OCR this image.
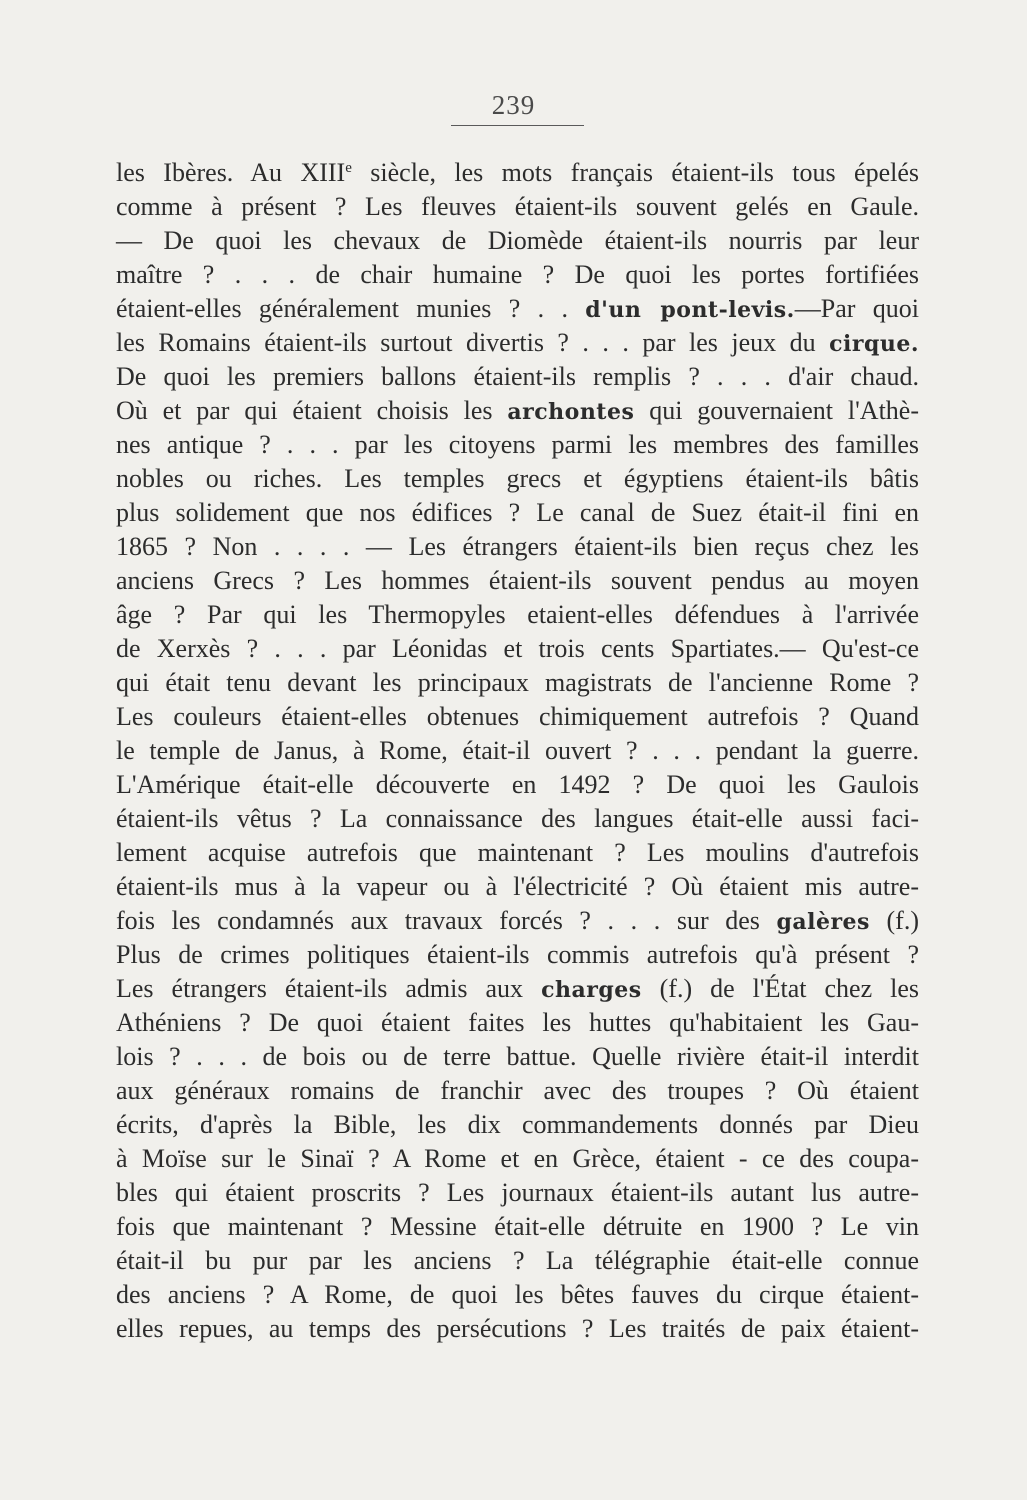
239
les Ibères. Au XIIIe siècle, les mots français étaient-ils tous épelés
comme à présent ? Les fleuves étaient-ils souvent gelés en Gaule.
— De quoi les chevaux de Diomède étaient-ils nourris par leur
maître ? . . . de chair humaine ? De quoi les portes fortifiées
étaient-elles généralement munies ? . . d'un pont-levis.—Par quoi
les Romains étaient-ils surtout divertis ? . . . par les jeux du cirque.
De quoi les premiers ballons étaient-ils remplis ? . . . d'air chaud.
Où et par qui étaient choisis les archontes qui gouvernaient l'Athè-
nes antique ? . . . par les citoyens parmi les membres des familles
nobles ou riches. Les temples grecs et égyptiens étaient-ils bâtis
plus solidement que nos édifices ? Le canal de Suez était-il fini en
1865 ? Non . . . . — Les étrangers étaient-ils bien reçus chez les
anciens Grecs ? Les hommes étaient-ils souvent pendus au moyen
âge ? Par qui les Thermopyles etaient-elles défendues à l'arrivée
de Xerxès ? . . . par Léonidas et trois cents Spartiates.— Qu'est-ce
qui était tenu devant les principaux magistrats de l'ancienne Rome ?
Les couleurs étaient-elles obtenues chimiquement autrefois ? Quand
le temple de Janus, à Rome, était-il ouvert ? . . . pendant la guerre.
L'Amérique était-elle découverte en 1492 ? De quoi les Gaulois
étaient-ils vêtus ? La connaissance des langues était-elle aussi faci-
lement acquise autrefois que maintenant ? Les moulins d'autrefois
étaient-ils mus à la vapeur ou à l'électricité ? Où étaient mis autre-
fois les condamnés aux travaux forcés ? . . . sur des galères (f.)
Plus de crimes politiques étaient-ils commis autrefois qu'à présent ?
Les étrangers étaient-ils admis aux charges (f.) de l'État chez les
Athéniens ? De quoi étaient faites les huttes qu'habitaient les Gau-
lois ? . . . de bois ou de terre battue. Quelle rivière était-il interdit
aux généraux romains de franchir avec des troupes ? Où étaient
écrits, d'après la Bible, les dix commandements donnés par Dieu
à Moïse sur le Sinaï ? A Rome et en Grèce, étaient - ce des coupa-
bles qui étaient proscrits ? Les journaux étaient-ils autant lus autre-
fois que maintenant ? Messine était-elle détruite en 1900 ? Le vin
était-il bu pur par les anciens ? La télégraphie était-elle connue
des anciens ? A Rome, de quoi les bêtes fauves du cirque étaient-
elles repues, au temps des persécutions ? Les traités de paix étaient-
